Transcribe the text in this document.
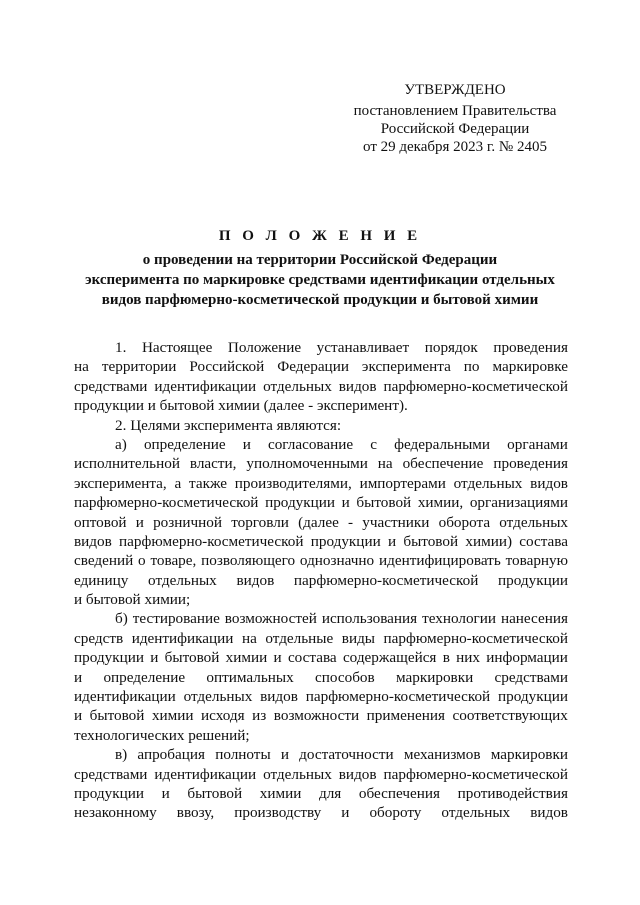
УТВЕРЖДЕНО
постановлением Правительства
Российской Федерации
от 29 декабря 2023 г. № 2405
П О Л О Ж Е Н И Е
о проведении на территории Российской Федерации
эксперимента по маркировке средствами идентификации отдельных
видов парфюмерно-косметической продукции и бытовой химии
1. Настоящее Положение устанавливает порядок проведения
на территории Российской Федерации эксперимента по маркировке
средствами идентификации отдельных видов парфюмерно-косметической
продукции и бытовой химии (далее - эксперимент).
2. Целями эксперимента являются:
а) определение и согласование с федеральными органами
исполнительной власти, уполномоченными на обеспечение проведения
эксперимента, а также производителями, импортерами отдельных видов
парфюмерно-косметической продукции и бытовой химии, организациями
оптовой и розничной торговли (далее - участники оборота отдельных
видов парфюмерно-косметической продукции и бытовой химии) состава
сведений о товаре, позволяющего однозначно идентифицировать товарную
единицу отдельных видов парфюмерно-косметической продукции
и бытовой химии;
б) тестирование возможностей использования технологии нанесения
средств идентификации на отдельные виды парфюмерно-косметической
продукции и бытовой химии и состава содержащейся в них информации
и определение оптимальных способов маркировки средствами
идентификации отдельных видов парфюмерно-косметической продукции
и бытовой химии исходя из возможности применения соответствующих
технологических решений;
в) апробация полноты и достаточности механизмов маркировки
средствами идентификации отдельных видов парфюмерно-косметической
продукции и бытовой химии для обеспечения противодействия
незаконному ввозу, производству и обороту отдельных видов
